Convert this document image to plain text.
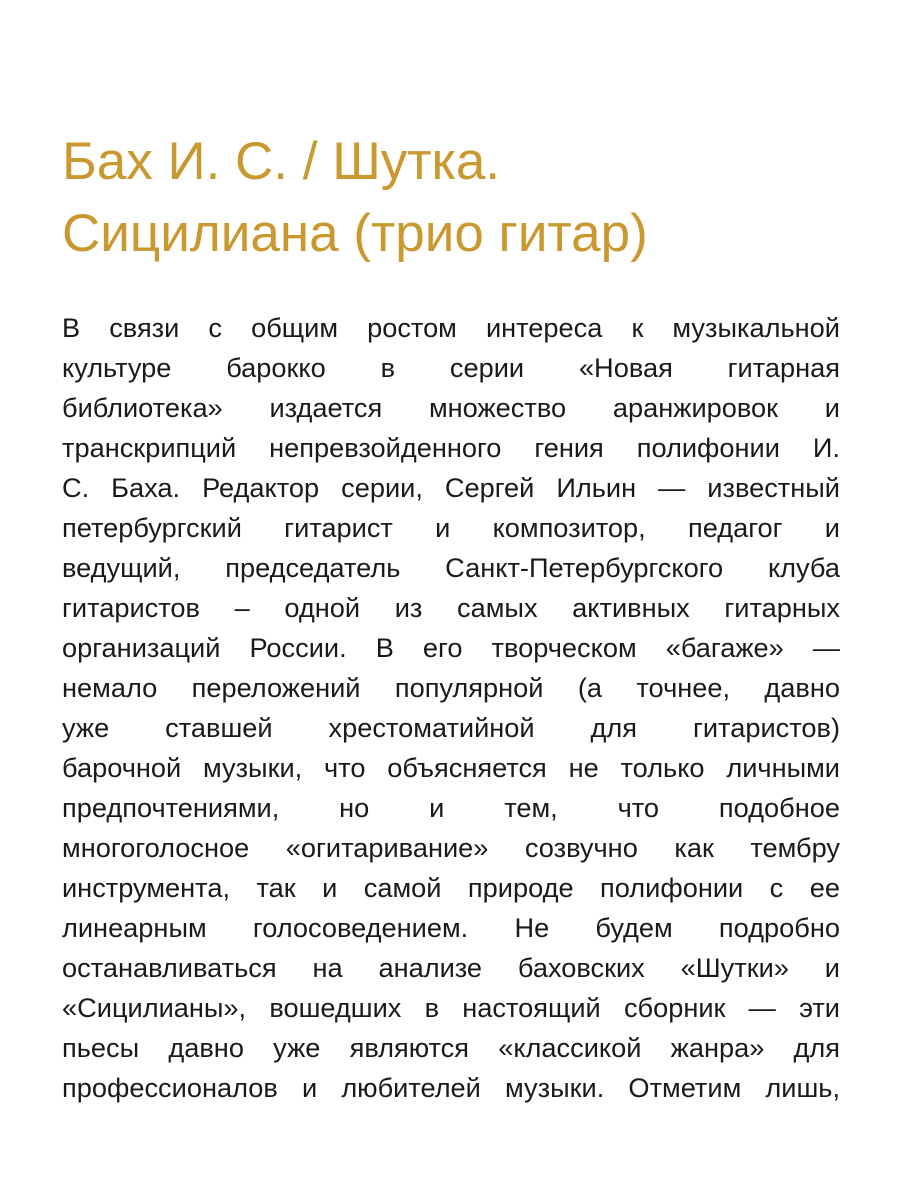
Бах И. С. / Шутка.
Сицилиана (трио гитар)
В связи с общим ростом интереса к музыкальной
культуре барокко в серии «Новая гитарная
библиотека» издается множество аранжировок и
транскрипций непревзойденного гения полифонии И.
С. Баха. Редактор серии, Сергей Ильин — известный
петербургский гитарист и композитор, педагог и
ведущий, председатель Санкт-Петербургского клуба
гитаристов – одной из самых активных гитарных
организаций России. В его творческом «багаже» —
немало переложений популярной (а точнее, давно
уже ставшей хрестоматийной для гитаристов)
барочной музыки, что объясняется не только личными
предпочтениями, но и тем, что подобное
многоголосное «огитаривание» созвучно как тембру
инструмента, так и самой природе полифонии с ее
линеарным голосоведением. Не будем подробно
останавливаться на анализе баховских «Шутки» и
«Сицилианы», вошедших в настоящий сборник — эти
пьесы давно уже являются «классикой жанра» для
профессионалов и любителей музыки. Отметим лишь,
